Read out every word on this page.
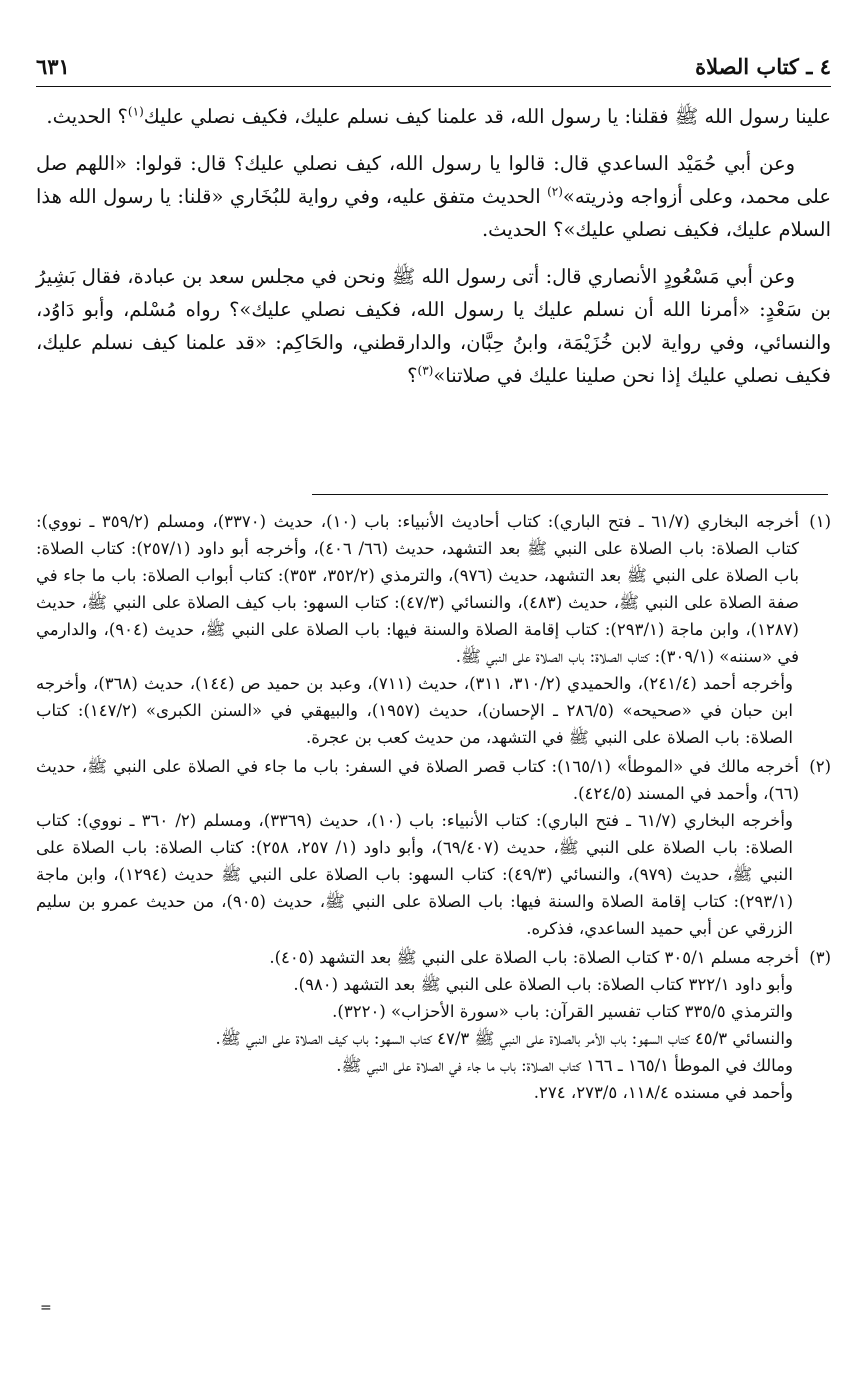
٤ ـ كتاب الصلاة
٦٣١

علينا رسول الله ﷺ فقلنا: يا رسول الله، قد علمنا كيف نسلم عليك، فكيف نصلي عليك$^{(١)}$؟ الحديث.

وعن أبي حُمَيْد الساعدي قال: قالوا يا رسول الله، كيف نصلي عليك؟ قال: قولوا: «اللهم صل على محمد، وعلى أزواجه وذريته»$^{(٢)}$ الحديث متفق عليه، وفي رواية للبُخَاري «قلنا: يا رسول الله هذا السلام عليك، فكيف نصلي عليك»؟ الحديث.

وعن أبي مَسْعُودٍ الأنصاري قال: أتى رسول الله ﷺ ونحن في مجلس سعد بن عبادة، فقال بَشِيرُ بن سَعْدٍ: «أمرنا الله أن نسلم عليك يا رسول الله، فكيف نصلي عليك»؟ رواه مُسْلم، وأبو دَاوُد، والنسائي، وفي رواية لابن خُزَيْمَة، وابنُ حِبَّان، والدارقطني، والحَاكِم: «قد علمنا كيف نسلم عليك، فكيف نصلي عليك إذا نحن صلينا عليك في صلاتنا»$^{(٣)}$؟

(١)

أخرجه البخاري (٦١/٧ ـ فتح الباري): كتاب أحاديث الأنبياء: باب (١٠)، حديث (٣٣٧٠)، ومسلم (٣٥٩/٢ ـ نووي): كتاب الصلاة: باب الصلاة على النبي ﷺ بعد التشهد، حديث (٦٦/ ٤٠٦)، وأخرجه أبو داود (٢٥٧/١): كتاب الصلاة: باب الصلاة على النبي ﷺ بعد التشهد، حديث (٩٧٦)، والترمذي (٣٥٢/٢، ٣٥٣): كتاب أبواب الصلاة: باب ما جاء في صفة الصلاة على النبي ﷺ، حديث (٤٨٣)، والنسائي (٤٧/٣): كتاب السهو: باب كيف الصلاة على النبي ﷺ، حديث (١٢٨٧)، وابن ماجة (٢٩٣/١): كتاب إقامة الصلاة والسنة فيها: باب الصلاة على النبي ﷺ، حديث (٩٠٤)، والدارمي في «سننه» (٣٠٩/١): كتاب الصلاة: باب الصلاة على النبي ﷺ.

وأخرجه أحمد (٢٤١/٤)، والحميدي (٣١٠/٢، ٣١١)، حديث (٧١١)، وعبد بن حميد ص (١٤٤)، حديث (٣٦٨)، وأخرجه ابن حبان في «صحيحه» (٢٨٦/٥ ـ الإحسان)، حديث (١٩٥٧)، والبيهقي في «السنن الكبرى» (١٤٧/٢): كتاب الصلاة: باب الصلاة على النبي ﷺ في التشهد، من حديث كعب بن عجرة.

(٢)

أخرجه مالك في «الموطأ» (١٦٥/١): كتاب قصر الصلاة في السفر: باب ما جاء في الصلاة على النبي ﷺ، حديث (٦٦)، وأحمد في المسند (٤٢٤/٥).

وأخرجه البخاري (٦١/٧ ـ فتح الباري): كتاب الأنبياء: باب (١٠)، حديث (٣٣٦٩)، ومسلم (٢/ ٣٦٠ ـ نووي): كتاب الصلاة: باب الصلاة على النبي ﷺ، حديث (٦٩/٤٠٧)، وأبو داود (١/ ٢٥٧، ٢٥٨): كتاب الصلاة: باب الصلاة على النبي ﷺ، حديث (٩٧٩)، والنسائي (٤٩/٣): كتاب السهو: باب الصلاة على النبي ﷺ حديث (١٢٩٤)، وابن ماجة (٢٩٣/١): كتاب إقامة الصلاة والسنة فيها: باب الصلاة على النبي ﷺ، حديث (٩٠٥)، من حديث عمرو بن سليم الزرقي عن أبي حميد الساعدي، فذكره.

(٣)

أخرجه مسلم ٣٠٥/١ كتاب الصلاة: باب الصلاة على النبي ﷺ بعد التشهد (٤٠٥).

وأبو داود ٣٢٢/١ كتاب الصلاة: باب الصلاة على النبي ﷺ بعد التشهد (٩٨٠).

والترمذي ٣٣٥/٥ كتاب تفسير القرآن: باب «سورة الأحزاب» (٣٢٢٠).

والنسائي ٤٥/٣ كتاب السهو: باب الأمر بالصلاة على النبي ﷺ ٤٧/٣ كتاب السهو: باب كيف الصلاة على النبي ﷺ.

ومالك في الموطأ ١٦٥/١ ـ ١٦٦ كتاب الصلاة: باب ما جاء في الصلاة على النبي ﷺ.

وأحمد في مسنده ١١٨/٤، ٢٧٣/٥، ٢٧٤.

=
